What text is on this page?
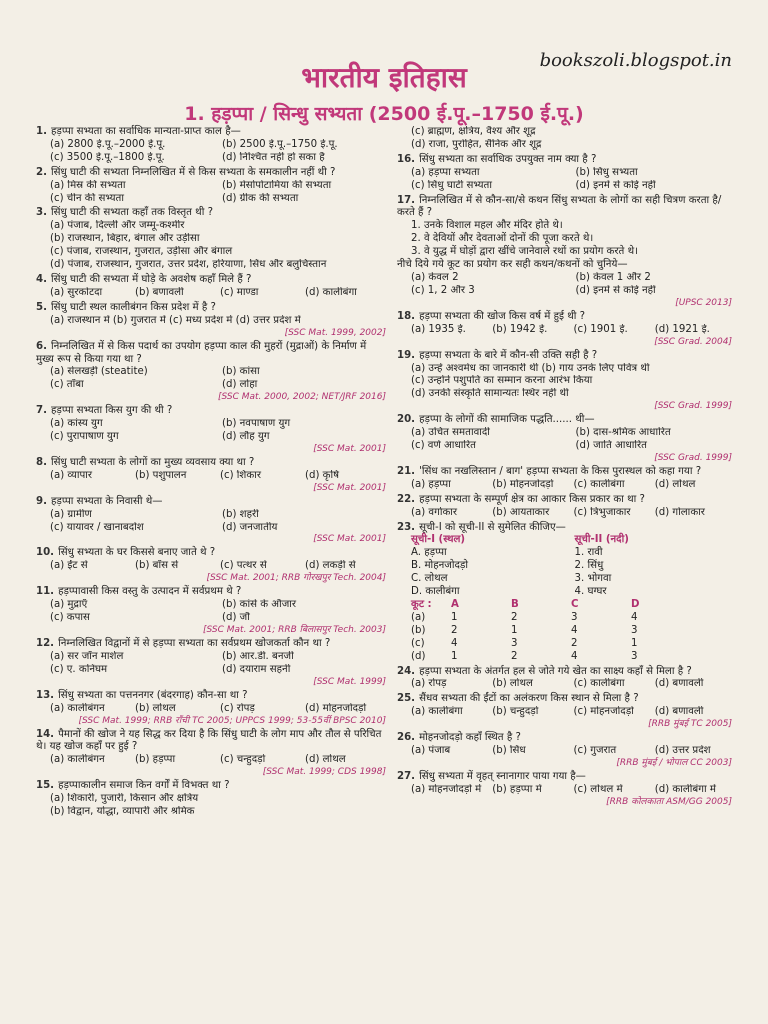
bookszoli.blogspot.in
भारतीय इतिहास
1. हड़प्पा / सिन्धु सभ्यता (2500 ई.पू.–1750 ई.पू.)
1. हड़प्पा सभ्यता का सर्वाधिक मान्यता-प्राप्त काल है—
(a) 2800 ई.पू.–2000 ई.पू.	(b) 2500 ई.पू.–1750 ई.पू.
(c) 3500 ई.पू.–1800 ई.पू.	(d) निश्चित नहीं हो सका है
2. सिंधु घाटी की सभ्यता निम्नलिखित में से किस सभ्यता के समकालीन नहीं थी ?
(a) मिस्र की सभ्यता	(b) मेसोपोटामिया की सभ्यता
(c) चीन की सभ्यता	(d) ग्रीक की सभ्यता
3. सिंधु घाटी की सभ्यता कहाँ तक विस्तृत थी ?
(a) पंजाब, दिल्ली और जम्मू-कश्मीर
(b) राजस्थान, बिहार, बंगाल और उड़ीसा
(c) पंजाब, राजस्थान, गुजरात, उड़ीसा और बंगाल
(d) पंजाब, राजस्थान, गुजरात, उत्तर प्रदेश, हरियाणा, सिंध और बलुचिस्तान
4. सिंधु घाटी की सभ्यता में घोड़े के अवशेष कहाँ मिले हैं ?
(a) सुरकोटदा	(b) बणावली	(c) माण्डा	(d) कालीबंगा
5. सिंधु घाटी स्थल कालीबंगन किस प्रदेश में है ?
(a) राजस्थान में (b) गुजरात में (c) मध्य प्रदेश में (d) उत्तर प्रदेश में
[SSC Mat. 1999, 2002]
6. निम्नलिखित में से किस पदार्थ का उपयोग हड़प्पा काल की मुहरों (मुद्राओं) के निर्माण में मुख्य रूप से किया गया था ?
(a) सेलखड़ी (steatite)	(b) कांसा
(c) ताँबा	(d) लोहा
[SSC Mat. 2000, 2002; NET/JRF 2016]
7. हड़प्पा सभ्यता किस युग की थी ?
(a) कांस्य युग	(b) नवपाषाण युग
(c) पुरापाषाण युग	(d) लौह युग
[SSC Mat. 2001]
8. सिंधु घाटी सभ्यता के लोगों का मुख्य व्यवसाय क्या था ?
(a) व्यापार	(b) पशुपालन	(c) शिकार	(d) कृषि
[SSC Mat. 2001]
9. हड़प्पा सभ्यता के निवासी थे—
(a) ग्रामीण	(b) शहरी
(c) यायावर / खानाबदोश	(d) जनजातीय
[SSC Mat. 2001]
10. सिंधु सभ्यता के घर किससे बनाए जाते थे ?
(a) ईंट से	(b) बाँस से	(c) पत्थर से	(d) लकड़ी से
[SSC Mat. 2001; RRB गोरखपुर Tech. 2004]
11. हड़प्पावासी किस वस्तु के उत्पादन में सर्वप्रथम थे ?
(a) मुद्राएँ	(b) कांसे के औजार
(c) कपास	(d) जौ
[SSC Mat. 2001; RRB बिलासपुर Tech. 2003]
12. निम्नलिखित विद्वानों में से हड़प्पा सभ्यता का सर्वप्रथम खोजकर्ता कौन था ?
(a) सर जॉन मार्शल	(b) आर.डी. बनर्जी
(c) ए. कनिंघम	(d) दयाराम सहनी
[SSC Mat. 1999]
13. सिंधु सभ्यता का पत्तननगर (बंदरगाह) कौन-सा था ?
(a) कालीबंगन	(b) लोथल	(c) रोपड़	(d) मोहनजोदड़ो
[SSC Mat. 1999; RRB राँची TC 2005; UPPCS 1999; 53-55वीं BPSC 2010]
14. पैमानों की खोज ने यह सिद्ध कर दिया है कि सिंधु घाटी के लोग माप और तौल से परिचित थे। यह खोज कहाँ पर हुई ?
(a) कालीबंगन	(b) हड़प्पा	(c) चन्हुदड़ो	(d) लोथल
[SSC Mat. 1999; CDS 1998]
15. हड़प्पाकालीन समाज किन वर्गों में विभक्त था ?
(a) शिकारी, पुजारी, किसान और क्षत्रिय
(b) विद्वान, योद्धा, व्यापारी और श्रमिक
(c) ब्राह्मण, क्षत्रिय, वैश्य और शूद्र
(d) राजा, पुरोहित, सैनिक और शूद्र
16. सिंधु सभ्यता का सर्वाधिक उपयुक्त नाम क्या है ?
(a) हड़प्पा सभ्यता	(b) सिंधु सभ्यता
(c) सिंधु घाटी सभ्यता	(d) इनमें से कोई नहीं
17. निम्नलिखित में से कौन-सा/से कथन सिंधु सभ्यता के लोगों का सही चित्रण करता है/करते हैं ?
1. उनके विशाल महल और मंदिर होते थे।
2. वे देवियों और देवताओं दोनों की पूजा करते थे।
3. वे युद्ध में घोड़ों द्वारा खींचे जानेवाले रथों का प्रयोग करते थे।
नीचे दिये गये कूट का प्रयोग कर सही कथन/कथनों को चुनिये—
(a) केवल 2	(b) केवल 1 और 2
(c) 1, 2 और 3	(d) इनमें से कोई नहीं
[UPSC 2013]
18. हड़प्पा सभ्यता की खोज किस वर्ष में हुई थी ?
(a) 1935 ई.	(b) 1942 ई.	(c) 1901 ई.	(d) 1921 ई.
[SSC Grad. 2004]
19. हड़प्पा सभ्यता के बारे में कौन-सी उक्ति सही है ?
(a) उन्हें अश्वमेध का जानकारी थी (b) गाय उनके लिए पवित्र थी
(c) उन्होंने पशुपति का सम्मान करना आरंभ किया
(d) उनकी संस्कृति सामान्यतः स्थिर नहीं थी
[SSC Grad. 1999]
20. हड़प्पा के लोगों की सामाजिक पद्धति...... थी—
(a) उचित समतावादी	(b) दास-श्रमिक आधारित
(c) वर्ण आधारित	(d) जाति आधारित
[SSC Grad. 1999]
21. 'सिंध का नखलिस्तान / बाग' हड़प्पा सभ्यता के किस पुरास्थल को कहा गया ?
(a) हड़प्पा	(b) मोहनजोदड़ो	(c) कालीबंगा	(d) लोथल
22. हड़प्पा सभ्यता के सम्पूर्ण क्षेत्र का आकार किस प्रकार का था ?
(a) वर्गाकार	(b) आयताकार	(c) त्रिभुजाकार	(d) गोलाकार
23. सूची-I को सूची-II से सुमेलित कीजिए—
सूची-I (स्थल)	सूची-II (नदी)
A. हड़प्पा	1. रावी
B. मोहनजोदड़ो	2. सिंधु
C. लोथल	3. भोगवा
D. कालीबंगा	4. घग्घर
कूट :	A	B	C	D
(a)	1	2	3	4
(b)	2	1	4	3
(c)	4	3	2	1
(d)	1	2	4	3
24. हड़प्पा सभ्यता के अंतर्गत हल से जोते गये खेत का साक्ष्य कहाँ से मिला है ?
(a) रोपड़	(b) लोथल	(c) कालीबंगा	(d) बणावली
25. सैंधव सभ्यता की ईंटों का अलंकरण किस स्थान से मिला है ?
(a) कालीबंगा	(b) चन्हुदड़ो	(c) मोहनजोदड़ो	(d) बणावली
[RRB मुंबई TC 2005]
26. मोहनजोदड़ो कहाँ स्थित है ?
(a) पंजाब	(b) सिंध	(c) गुजरात	(d) उत्तर प्रदेश
[RRB मुंबई / भोपाल CC 2003]
27. सिंधु सभ्यता में वृहत् स्नानागार पाया गया है—
(a) मोहनजोदड़ो में	(b) हड़प्पा में	(c) लोथल में	(d) कालीबंगा में
[RRB कोलकाता ASM/GG 2005]
